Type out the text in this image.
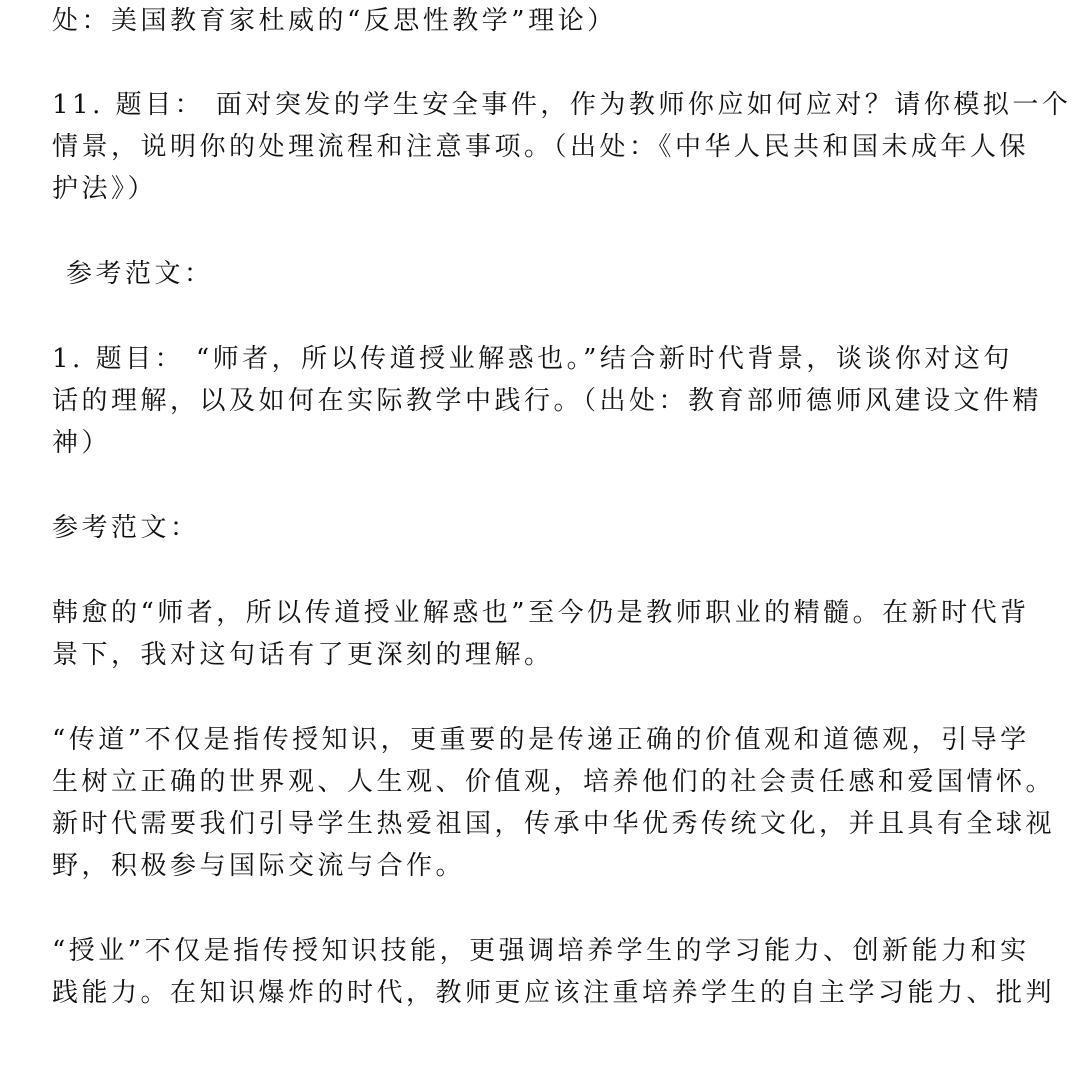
处：美国教育家杜威的“反思性教学”理论）
11. 题目： 面对突发的学生安全事件，作为教师你应如何应对？请你模拟一个
情景，说明你的处理流程和注意事项。（出处：《中华人民共和国未成年人保
护法》）
参考范文：
1. 题目： “师者，所以传道授业解惑也。”结合新时代背景，谈谈你对这句
话的理解，以及如何在实际教学中践行。（出处：教育部师德师风建设文件精
神）
参考范文：
韩愈的“师者，所以传道授业解惑也”至今仍是教师职业的精髓。在新时代背
景下，我对这句话有了更深刻的理解。
“传道”不仅是指传授知识，更重要的是传递正确的价值观和道德观，引导学
生树立正确的世界观、人生观、价值观，培养他们的社会责任感和爱国情怀。
新时代需要我们引导学生热爱祖国，传承中华优秀传统文化，并且具有全球视
野，积极参与国际交流与合作。
“授业”不仅是指传授知识技能，更强调培养学生的学习能力、创新能力和实
践能力。在知识爆炸的时代，教师更应该注重培养学生的自主学习能力、批判
